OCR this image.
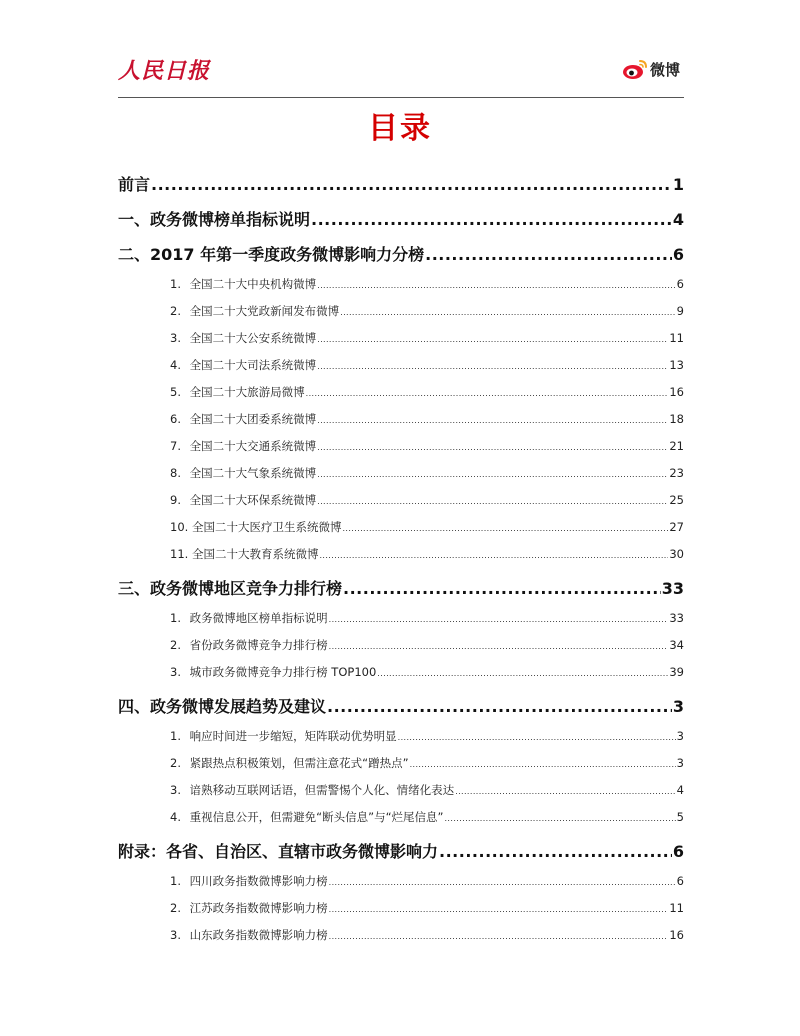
人民日报	微博
目录
前言 .....	1
一、政务微博榜单指标说明 .....	4
二、2017 年第一季度政务微博影响力分榜 .....	6
1. 全国二十大中央机构微博 .....	6
2. 全国二十大党政新闻发布微博 .....	9
3. 全国二十大公安系统微博 .....	11
4. 全国二十大司法系统微博 .....	13
5. 全国二十大旅游局微博 .....	16
6. 全国二十大团委系统微博 .....	18
7. 全国二十大交通系统微博 .....	21
8. 全国二十大气象系统微博 .....	23
9. 全国二十大环保系统微博 .....	25
10. 全国二十大医疗卫生系统微博 .....	27
11. 全国二十大教育系统微博 .....	30
三、政务微博地区竞争力排行榜 .....	33
1. 政务微博地区榜单指标说明 .....	33
2. 省份政务微博竞争力排行榜 .....	34
3. 城市政务微博竞争力排行榜 TOP100 .....	39
四、政务微博发展趋势及建议 .....	3
1. 响应时间进一步缩短，矩阵联动优势明显 .....	3
2. 紧跟热点积极策划，但需注意花式“蹭热点” .....	3
3. 谙熟移动互联网话语，但需警惕个人化、情绪化表达 .....	4
4. 重视信息公开，但需避免“断头信息”与“烂尾信息” .....	5
附录：各省、自治区、直辖市政务微博影响力 .....	6
1. 四川政务指数微博影响力榜 .....	6
2. 江苏政务指数微博影响力榜 .....	11
3. 山东政务指数微博影响力榜 .....	16
